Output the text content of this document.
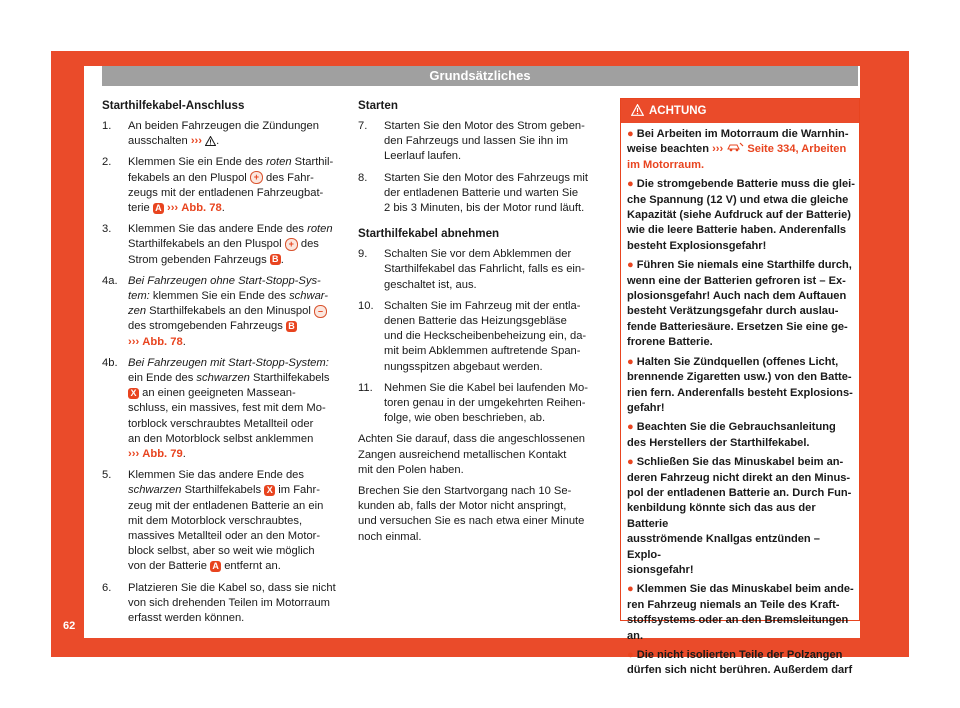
Grundsätzliches
Starthilfekabel-Anschluss
1. An beiden Fahrzeugen die Zündungen
ausschalten ››› .
2. Klemmen Sie ein Ende des roten Starthil-
fekabels an den Pluspol + des Fahr-
zeugs mit der entladenen Fahrzeugbat-
terie A ››› Abb. 78.
3. Klemmen Sie das andere Ende des roten
Starthilfekabels an den Pluspol + des
Strom gebenden Fahrzeugs B .
4a. Bei Fahrzeugen ohne Start-Stopp-Sys-
tem: klemmen Sie ein Ende des schwar-
zen Starthilfekabels an den Minuspol –
des stromgebenden Fahrzeugs B
››› Abb. 78.
4b. Bei Fahrzeugen mit Start-Stopp-System:
ein Ende des schwarzen Starthilfekabels
X an einen geeigneten Massean-
schluss, ein massives, fest mit dem Mo-
torblock verschraubtes Metallteil oder
an den Motorblock selbst anklemmen
››› Abb. 79.
5. Klemmen Sie das andere Ende des
schwarzen Starthilfekabels X im Fahr-
zeug mit der entladenen Batterie an ein
mit dem Motorblock verschraubtes,
massives Metallteil oder an den Motor-
block selbst, aber so weit wie möglich
von der Batterie A entfernt an.
6. Platzieren Sie die Kabel so, dass sie nicht
von sich drehenden Teilen im Motorraum
erfasst werden können.
Starten
7. Starten Sie den Motor des Strom geben-
den Fahrzeugs und lassen Sie ihn im
Leerlauf laufen.
8. Starten Sie den Motor des Fahrzeugs mit
der entladenen Batterie und warten Sie
2 bis 3 Minuten, bis der Motor rund läuft.
Starthilfekabel abnehmen
9. Schalten Sie vor dem Abklemmen der
Starthilfekabel das Fahrlicht, falls es ein-
geschaltet ist, aus.
10. Schalten Sie im Fahrzeug mit der entla-
denen Batterie das Heizungsgebläse
und die Heckscheibenbeheizung ein, da-
mit beim Abklemmen auftretende Span-
nungsspitzen abgebaut werden.
11. Nehmen Sie die Kabel bei laufenden Mo-
toren genau in der umgekehrten Reihen-
folge, wie oben beschrieben, ab.
Achten Sie darauf, dass die angeschlossenen
Zangen ausreichend metallischen Kontakt
mit den Polen haben.
Brechen Sie den Startvorgang nach 10 Se-
kunden ab, falls der Motor nicht anspringt,
und versuchen Sie es nach etwa einer Minute
noch einmal.
ACHTUNG
● Bei Arbeiten im Motorraum die Warnhin-
weise beachten ›››  Seite 334, Arbeiten
im Motorraum.
● Die stromgebende Batterie muss die glei-
che Spannung (12 V) und etwa die gleiche
Kapazität (siehe Aufdruck auf der Batterie)
wie die leere Batterie haben. Anderenfalls
besteht Explosionsgefahr!
● Führen Sie niemals eine Starthilfe durch,
wenn eine der Batterien gefroren ist – Ex-
plosionsgefahr! Auch nach dem Auftauen
besteht Verätzungsgefahr durch auslau-
fende Batteriesäure. Ersetzen Sie eine ge-
frorene Batterie.
● Halten Sie Zündquellen (offenes Licht,
brennende Zigaretten usw.) von den Batte-
rien fern. Anderenfalls besteht Explosions-
gefahr!
● Beachten Sie die Gebrauchsanleitung
des Herstellers der Starthilfekabel.
● Schließen Sie das Minuskabel beim an-
deren Fahrzeug nicht direkt an den Minus-
pol der entladenen Batterie an. Durch Fun-
kenbildung könnte sich das aus der Batterie
ausströmende Knallgas entzünden – Explo-
sionsgefahr!
● Klemmen Sie das Minuskabel beim ande-
ren Fahrzeug niemals an Teile des Kraft-
stoffsystems oder an den Bremsleitungen
an.
● Die nicht isolierten Teile der Polzangen
dürfen sich nicht berühren. Außerdem darf
62
